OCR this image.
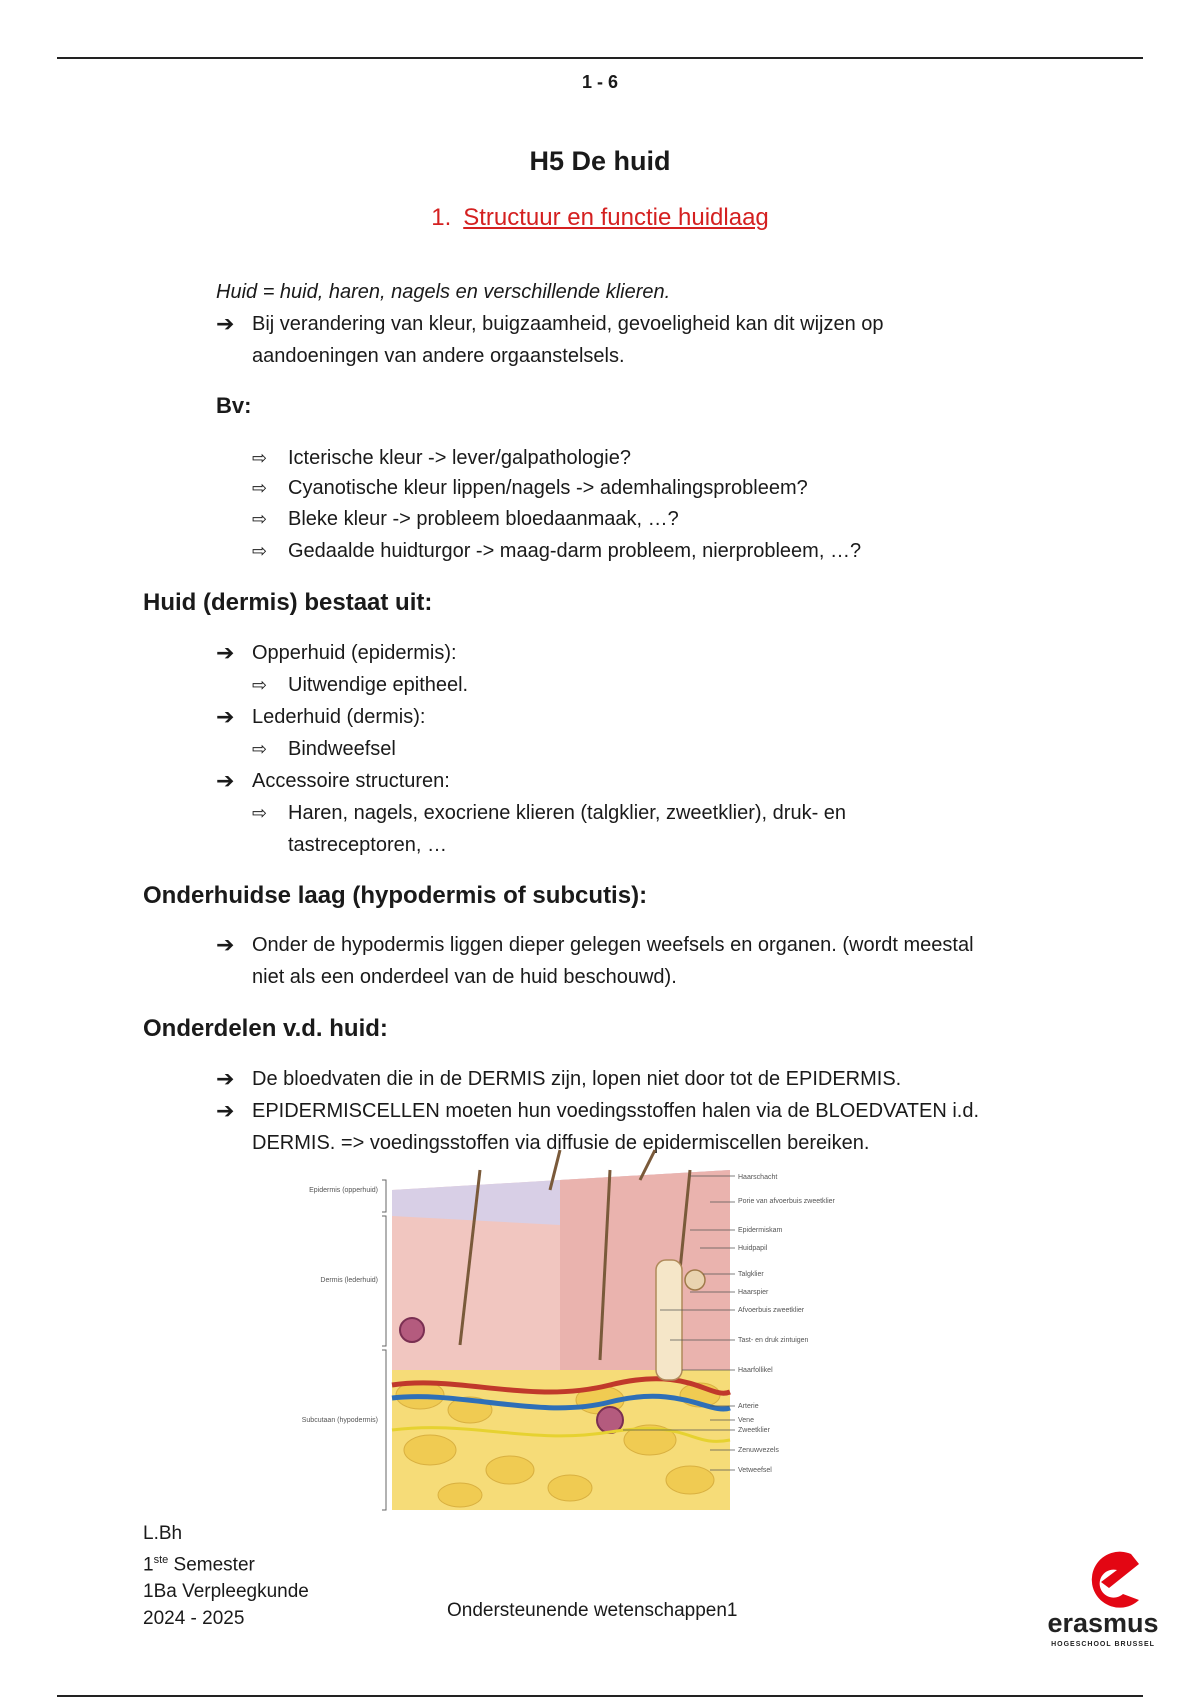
1 - 6
H5 De huid
1. Structuur en functie huidlaag
Huid = huid, haren, nagels en verschillende klieren.
➔ Bij verandering van kleur, buigzaamheid, gevoeligheid kan dit wijzen op
aandoeningen van andere orgaanstelsels.
Bv:
⇨ Icterische kleur -> lever/galpathologie?
⇨ Cyanotische kleur lippen/nagels -> ademhalingsprobleem?
⇨ Bleke kleur -> probleem bloedaanmaak, …?
⇨ Gedaalde huidturgor -> maag-darm probleem, nierprobleem, …?
Huid (dermis) bestaat uit:
➔ Opperhuid (epidermis):
⇨ Uitwendige epitheel.
➔ Lederhuid (dermis):
⇨ Bindweefsel
➔ Accessoire structuren:
⇨ Haren, nagels, exocriene klieren (talgklier, zweetklier), druk- en
tastreceptoren, …
Onderhuidse laag (hypodermis of subcutis):
➔ Onder de hypodermis liggen dieper gelegen weefsels en organen. (wordt meestal
niet als een onderdeel van de huid beschouwd).
Onderdelen v.d. huid:
➔ De bloedvaten die in de DERMIS zijn, lopen niet door tot de EPIDERMIS.
➔ EPIDERMISCELLEN moeten hun voedingsstoffen halen via de BLOEDVATEN i.d.
DERMIS. => voedingsstoffen via diffusie de epidermiscellen bereiken.
Epidermis (opperhuid)
Dermis (lederhuid)
Subcutaan (hypodermis)
Haarschacht
Porie van afvoerbuis zweetklier
Epidermiskam
Huidpapil
Talgklier
Haarspier
Afvoerbuis zweetklier
Tast- en druk zintuigen
Haarfollikel
Arterie
Vene
Zweetklier
Zenuwvezels
Vetweefsel
L.Bh
1ste Semester
1Ba Verpleegkunde
2024 - 2025	Ondersteunende wetenschappen1	erasmus
HOGESCHOOL BRUSSEL
